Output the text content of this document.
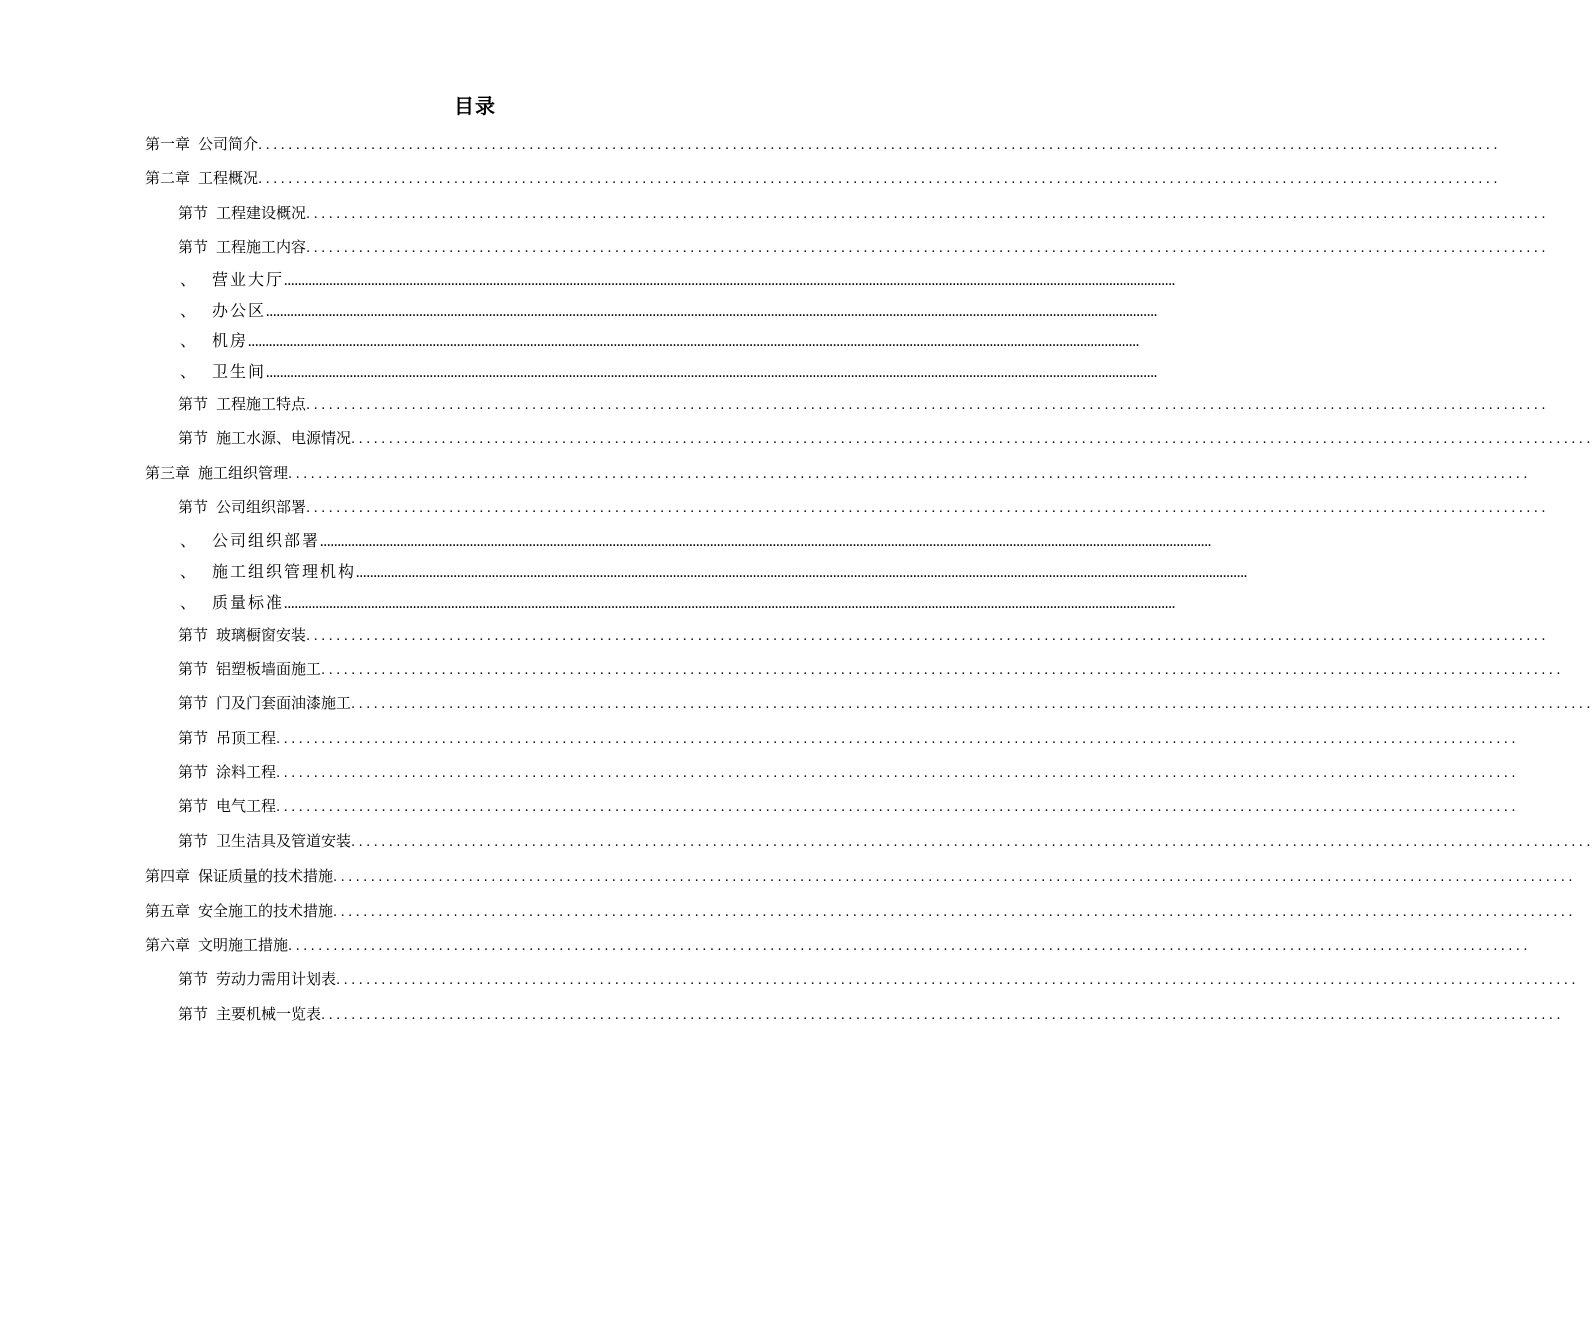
目录
第一章 公司简介 .....................................................................................................................................................................
第二章 工程概况 .....................................................................................................................................................................
第节 工程建设概况 .....................................................................................................................................................................
第节 工程施工内容 .....................................................................................................................................................................
、 营业大厅 ................................................................................................................................................................................................................................................................
、 办公区 ................................................................................................................................................................................................................................................................
、 机房 ................................................................................................................................................................................................................................................................
、 卫生间 ................................................................................................................................................................................................................................................................
第节 工程施工特点 .....................................................................................................................................................................
第节 施工水源、电源情况 .....................................................................................................................................................................
第三章 施工组织管理 .....................................................................................................................................................................
第节 公司组织部署 .....................................................................................................................................................................
、 公司组织部署 ................................................................................................................................................................................................................................................................
、 施工组织管理机构 ................................................................................................................................................................................................................................................................
、 质量标准 ................................................................................................................................................................................................................................................................
第节 玻璃橱窗安装 .....................................................................................................................................................................
第节 铝塑板墙面施工 .....................................................................................................................................................................
第节 门及门套面油漆施工 .....................................................................................................................................................................
第节 吊顶工程 .....................................................................................................................................................................
第节 涂料工程 .....................................................................................................................................................................
第节 电气工程 .....................................................................................................................................................................
第节 卫生洁具及管道安装 .....................................................................................................................................................................
第四章 保证质量的技术措施 .....................................................................................................................................................................
第五章 安全施工的技术措施 .....................................................................................................................................................................
第六章 文明施工措施 .....................................................................................................................................................................
第节 劳动力需用计划表 .....................................................................................................................................................................
第节 主要机械一览表 .....................................................................................................................................................................
